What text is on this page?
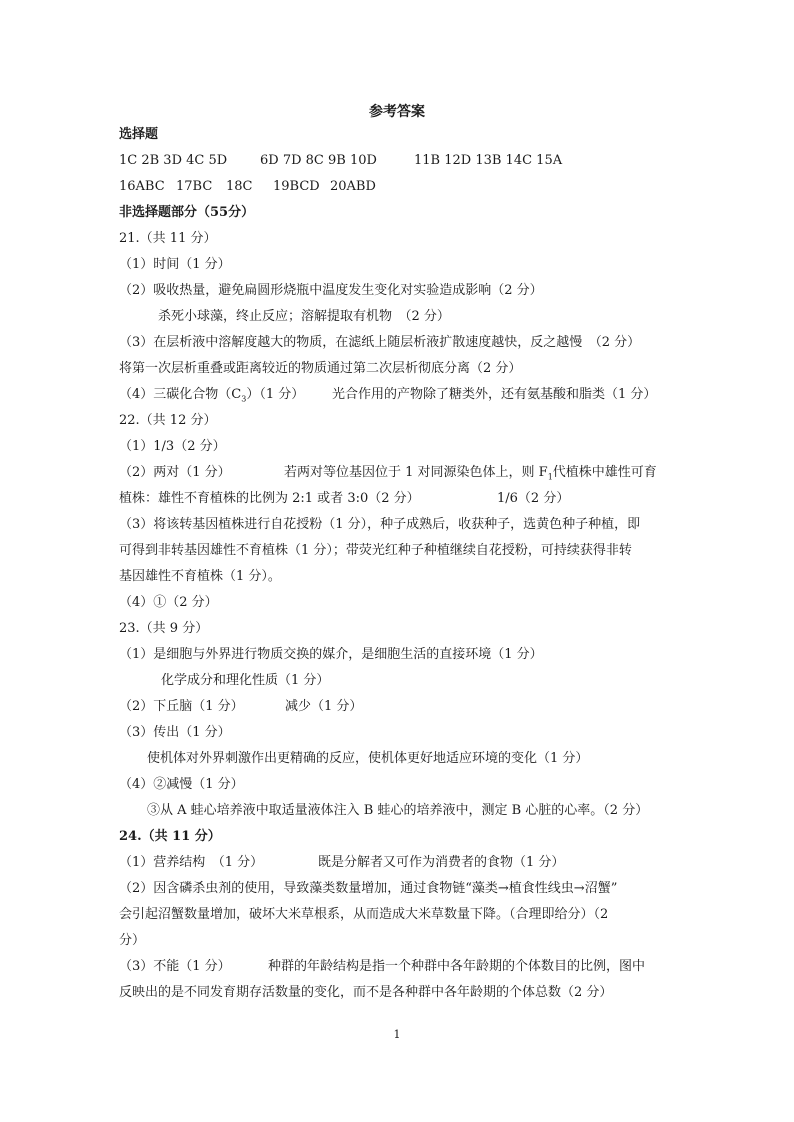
参考答案
选择题
1C 2B 3D 4C 5D	6D 7D 8C 9B 10D	11B 12D 13B 14C 15A
16ABC 17BC 18C 19BCD 20ABD
非选择题部分（55分）
21.（共 11 分）
（1）时间（1 分）
（2）吸收热量，避免扁圆形烧瓶中温度发生变化对实验造成影响（2 分）
杀死小球藻，终止反应；溶解提取有机物　（2 分）
（3）在层析液中溶解度越大的物质，在滤纸上随层析液扩散速度越快，反之越慢　（2 分）
将第一次层析重叠或距离较近的物质通过第二次层析彻底分离（2 分）
（4）三碳化合物$(C_3)(1$ 分） 光合作用的产物除了糖类外，还有氨基酸和脂类（1 分）
22.（共 12 分）
（1）1/3（2 分）
（2）两对（1 分）	若两对等位基因位于 1 对同源染色体上，则 $F_1$代植株中雄性可育
植株：雄性不育植株的比例为 2:1 或者 3:0（2 分）	1/6（2 分）
（3）将该转基因植株进行自花授粉（1 分），种子成熟后，收获种子，选黄色种子种植，即
可得到非转基因雄性不育植株（1 分）；带荧光红种子种植继续自花授粉，可持续获得非转
基因雄性不育植株（1 分）。
（4）①（2 分）
23.（共 9 分）
（1）是细胞与外界进行物质交换的媒介，是细胞生活的直接环境（1 分）
化学成分和理化性质（1 分）
（2）下丘脑（1 分）	减少（1 分）
（3）传出（1 分）
使机体对外界刺激作出更精确的反应，使机体更好地适应环境的变化（1 分）
（4）②减慢（1 分）
③从 A 蛙心培养液中取适量液体注入 B 蛙心的培养液中，测定 B 心脏的心率。（2 分）
24.（共 11 分）
（1）营养结构　（1 分）	既是分解者又可作为消费者的食物（1 分）
（2）因含磷杀虫剂的使用，导致藻类数量增加，通过食物链“藻类→植食性线虫→沼蟹”
会引起沼蟹数量增加，破坏大米草根系，从而造成大米草数量下降。（合理即给分）（2
分）
（3）不能（1 分）	种群的年龄结构是指一个种群中各年龄期的个体数目的比例，图中
反映出的是不同发育期存活数量的变化，而不是各种群中各年龄期的个体总数（2 分）
1
